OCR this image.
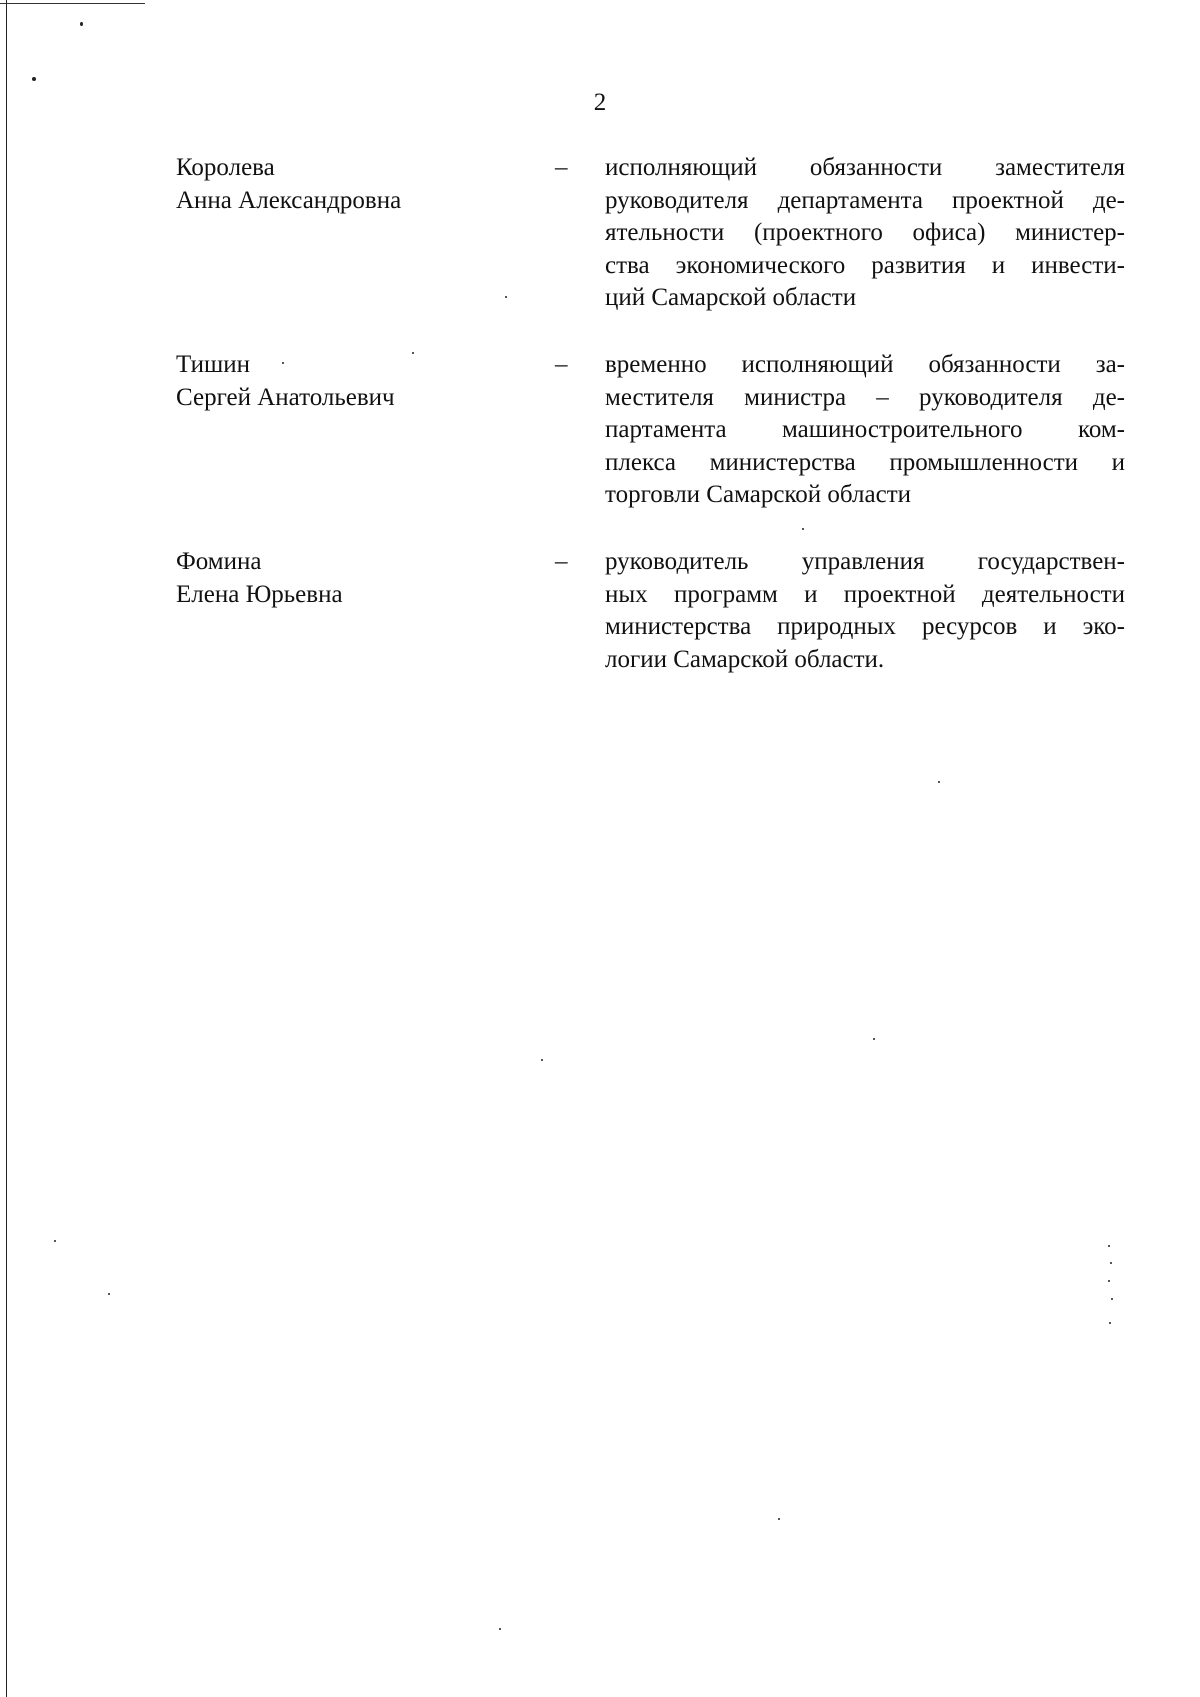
2
Королева
Анна Александровна
– исполняющий обязанности заместителя
руководителя департамента проектной де-
ятельности (проектного офиса) министер-
ства экономического развития и инвести-
ций Самарской области
Тишин
Сергей Анатольевич
– временно исполняющий обязанности за-
местителя министра – руководителя де-
партамента машиностроительного ком-
плекса министерства промышленности и
торговли Самарской области
Фомина
Елена Юрьевна
– руководитель управления государствен-
ных программ и проектной деятельности
министерства природных ресурсов и эко-
логии Самарской области.
